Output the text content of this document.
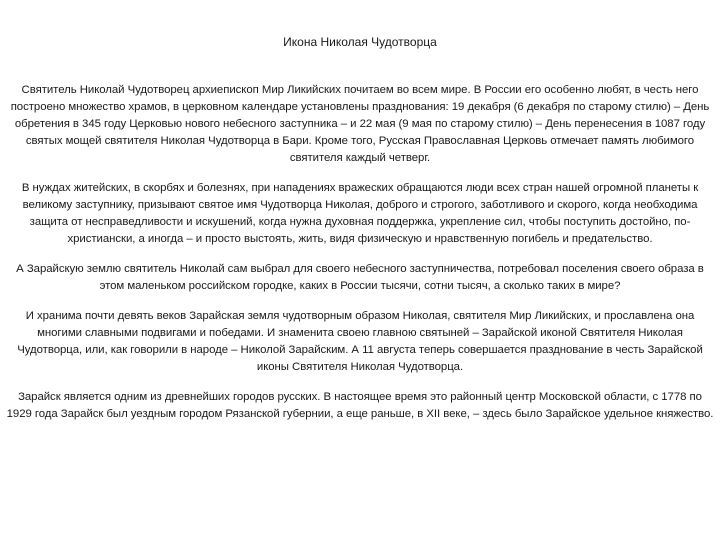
Икона Николая Чудотворца

Святитель Николай Чудотворец архиепископ Мир Ликийских почитаем во всем мире. В России его особенно любят, в честь него построено множество храмов, в церковном календаре установлены празднования: 19 декабря (6 декабря по старому стилю) – День обретения в 345 году Церковью нового небесного заступника – и 22 мая (9 мая по старому стилю) – День перенесения в 1087 году святых мощей святителя Николая Чудотворца в Бари. Кроме того, Русская Православная Церковь отмечает память любимого святителя каждый четверг.

В нуждах житейских, в скорбях и болезнях, при нападениях вражеских обращаются люди всех стран нашей огромной планеты к великому заступнику, призывают святое имя Чудотворца Николая, доброго и строгого, заботливого и скорого, когда необходима защита от несправедливости и искушений, когда нужна духовная поддержка, укрепление сил, чтобы поступить достойно, по-христиански, а иногда – и просто выстоять, жить, видя физическую и нравственную погибель и предательство.

А Зарайскую землю святитель Николай сам выбрал для своего небесного заступничества, потребовал поселения своего образа в этом маленьком российском городке, каких в России тысячи, сотни тысяч, а сколько таких в мире?

И хранима почти девять веков Зарайская земля чудотворным образом Николая, святителя Мир Ликийских, и прославлена она многими славными подвигами и победами. И знаменита своею главною святыней – Зарайской иконой Святителя Николая Чудотворца, или, как говорили в народе – Николой Зарайским. А 11 августа теперь совершается празднование в честь Зарайской иконы Святителя Николая Чудотворца.

Зарайск является одним из древнейших городов русских. В настоящее время это районный центр Московской области, с 1778 по 1929 года Зарайск был уездным городом Рязанской губернии, а еще раньше, в XII веке, – здесь было Зарайское удельное княжество.
